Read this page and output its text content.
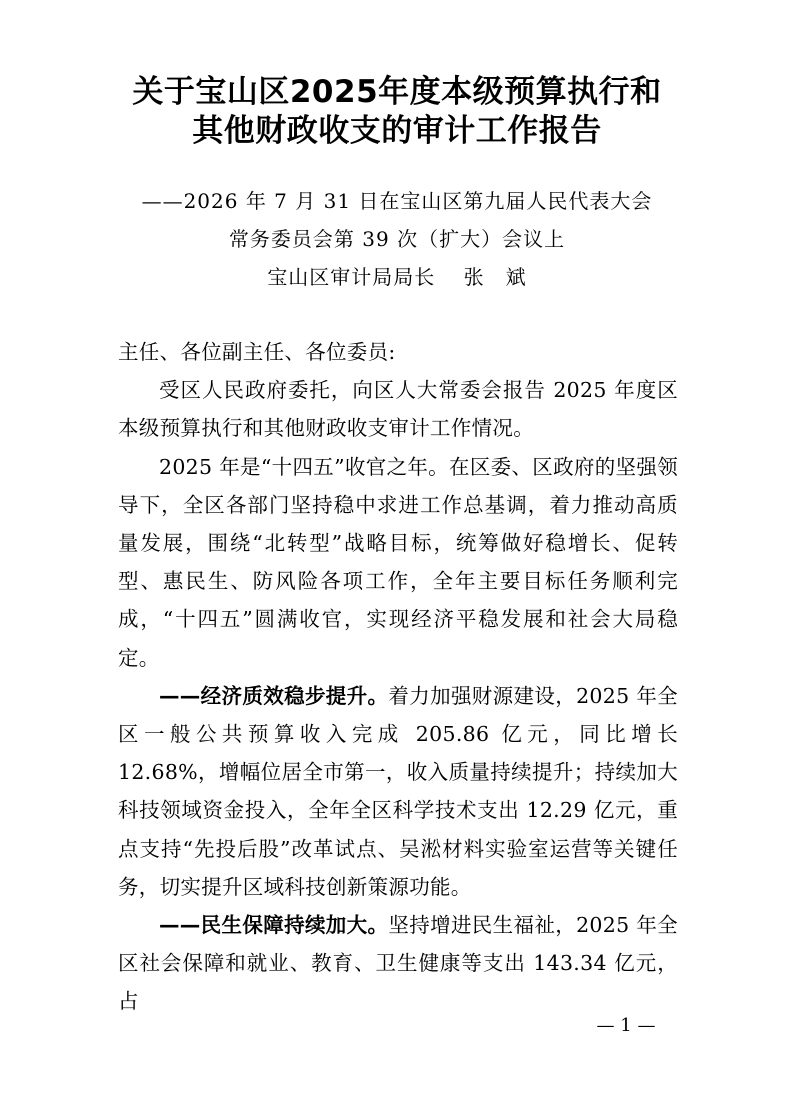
关于宝山区2025年度本级预算执行和
其他财政收支的审计工作报告
——2026 年 7 月 31 日在宝山区第九届人民代表大会
常务委员会第 39 次（扩大）会议上
宝山区审计局局长　 张　斌

主任、各位副主任、各位委员:

受区人民政府委托，向区人大常委会报告 2025 年度区本级预算执行和其他财政收支审计工作情况。

2025 年是“十四五”收官之年。在区委、区政府的坚强领导下，全区各部门坚持稳中求进工作总基调，着力推动高质量发展，围绕“北转型”战略目标，统筹做好稳增长、促转型、惠民生、防风险各项工作，全年主要目标任务顺利完成，“十四五”圆满收官，实现经济平稳发展和社会大局稳定。

——经济质效稳步提升。着力加强财源建设，2025 年全区一般公共预算收入完成 205.86 亿元，同比增长 12.68%，增幅位居全市第一，收入质量持续提升；持续加大科技领域资金投入，全年全区科学技术支出 12.29 亿元，重点支持“先投后股”改革试点、吴淞材料实验室运营等关键任务，切实提升区域科技创新策源功能。

——民生保障持续加大。坚持增进民生福祉，2025 年全区社会保障和就业、教育、卫生健康等支出 143.34 亿元，占

— 1 —
